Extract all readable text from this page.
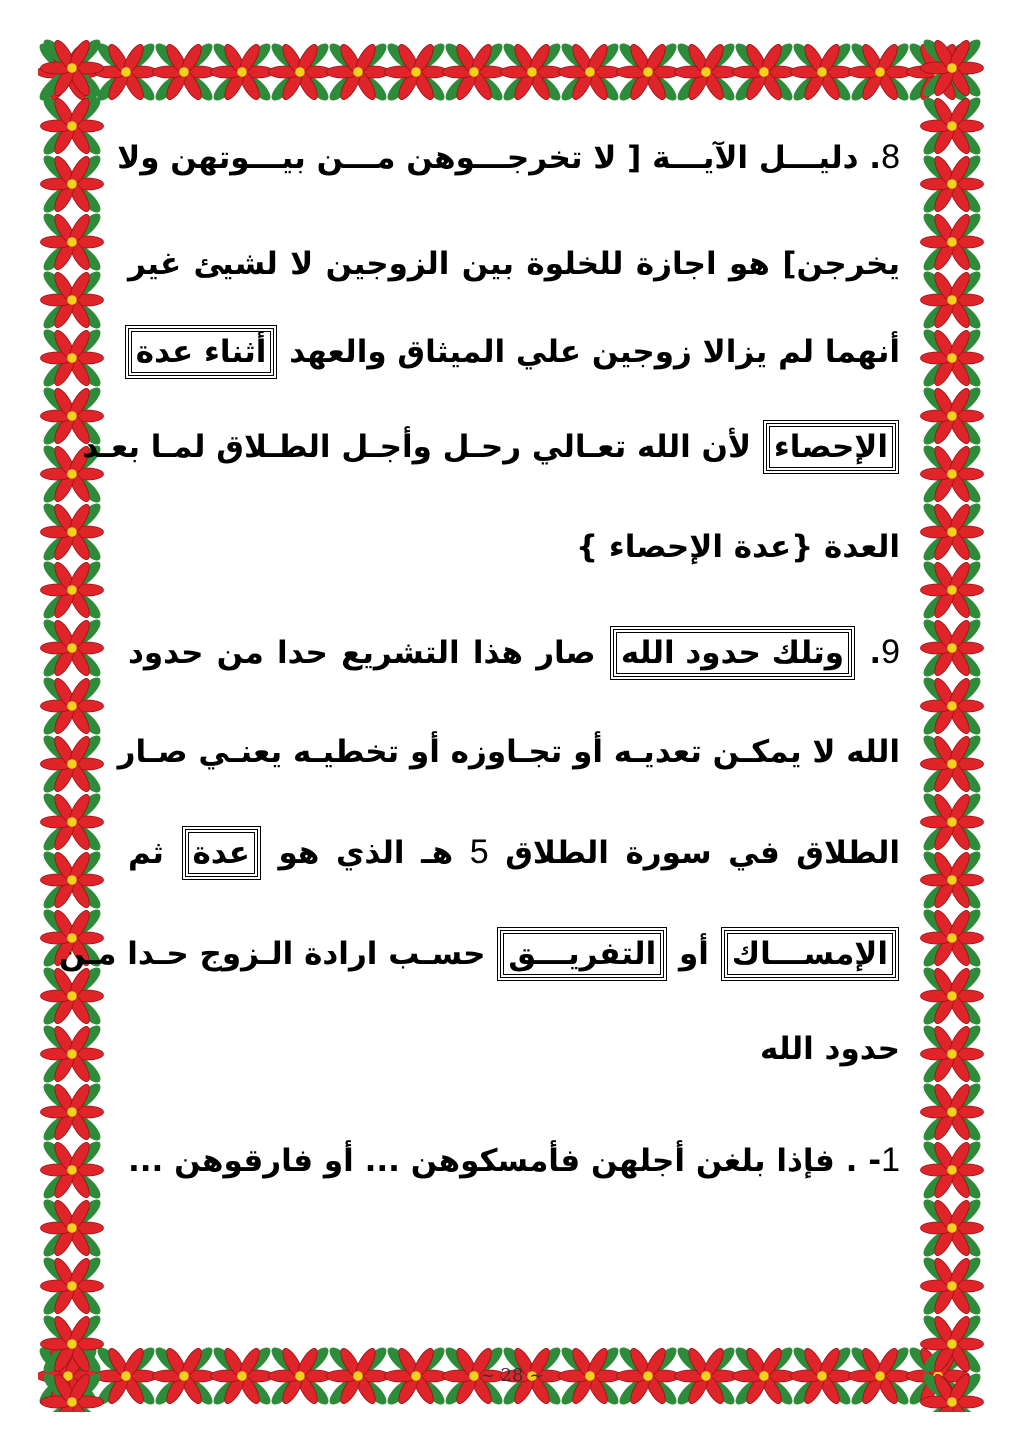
8. دليـــل الآيـــة [ لا تخرجـــوهن مـــن بيـــوتهن ولا
يخرجن] هو اجازة للخلوة بين الزوجين لا لشيئ غير
أنهما لم يزالا زوجين علي الميثاق والعهد أثناء عدة
الإحصاء لأن الله تعـالي رحـل وأجـل الطـلاق لمـا بعـد
العدة {عدة الإحصاء }
9. وتلك حدود الله صار هذا التشريع حدا من حدود
الله لا يمكـن تعديـه أو تجـاوزه أو تخطيـه يعنـي صـار
الطلاق في سورة الطلاق 5 هـ الذي هو عدة ثم
الإمســـاك أو التفريـــق حسـب ارادة الـزوج حـدا مـن
حدود الله
1- . فإذا بلغن أجلهن فأمسكوهن ... أو فارقوهن ...
~ 28 ~
